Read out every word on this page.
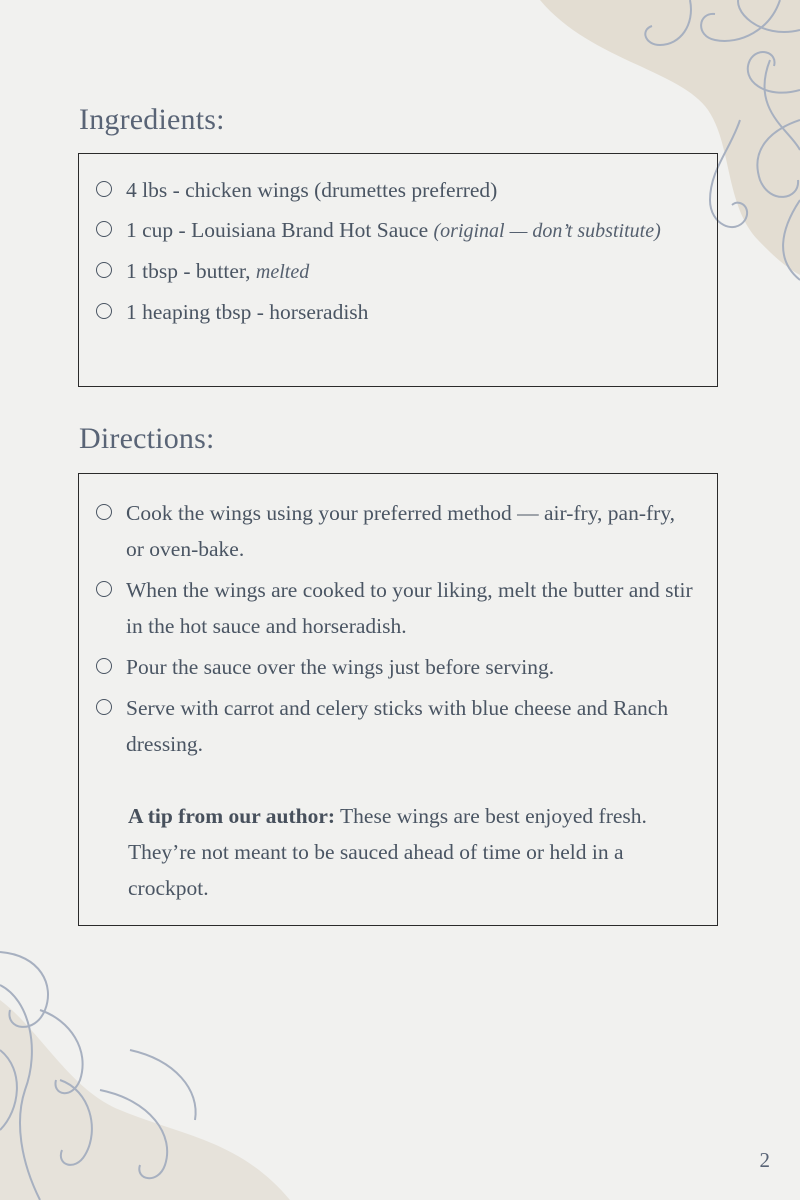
Ingredients:
4 lbs - chicken wings (drumettes preferred)
1 cup - Louisiana Brand Hot Sauce (original — don’t substitute)
1 tbsp - butter, melted
1 heaping tbsp - horseradish
Directions:
Cook the wings using your preferred method — air-fry, pan-fry, or oven-bake.
When the wings are cooked to your liking, melt the butter and stir in the hot sauce and horseradish.
Pour the sauce over the wings just before serving.
Serve with carrot and celery sticks with blue cheese and Ranch dressing.

A tip from our author: These wings are best enjoyed fresh. They’re not meant to be sauced ahead of time or held in a crockpot.

2
